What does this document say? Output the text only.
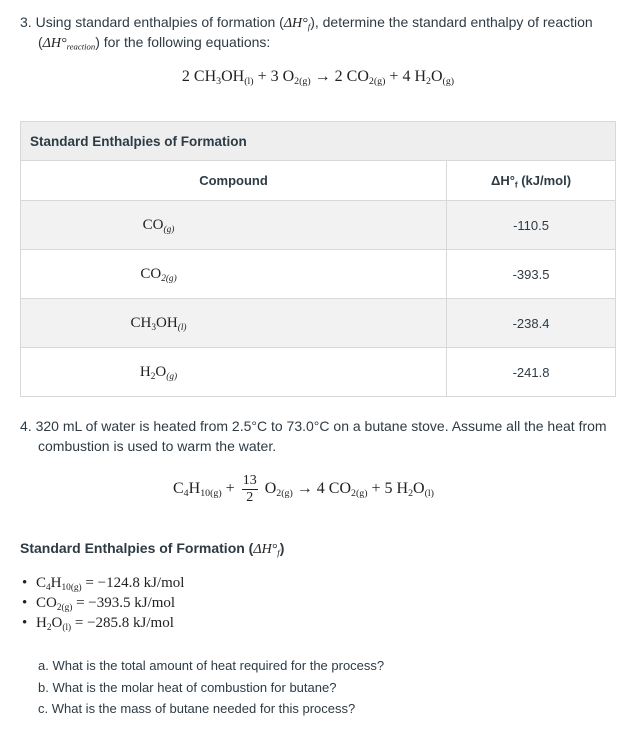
3. Using standard enthalpies of formation $(\Delta H^\circ_f)$, determine the standard enthalpy of reaction
$(\Delta H^\circ_{reaction})$ for the following equations:
2 $CH_3OH_{(l)} + 3$ $O_{2(g)} \to 2$ $CO_{2(g)} + 4$ $H_2O_{(g)}$
Standard Enthalpies of Formation	
Compound	$\Delta H^\circ_f$ (kJ/mol)
$CO_{(g)}$	-110.5
$CO_{2(g)}$	-393.5
$CH_3OH_{(l)}$	-238.4
$H_2O_{(g)}$	-241.8
4. 320 mL of water is heated from 2.5°C to 73.0°C on a butane stove. Assume all the heat from
combustion is used to warm the water.
$C_4H_{10(g)} + \frac{13}{2} O_{2(g)} \to 4$ $CO_{2(g)} + 5$ $H_2O_{(l)}$
Standard Enthalpies of Formation $(\Delta H^\circ_f)$
• $C_4H_{10(g)} = -124.8$ kJ/mol
• $CO_{2(g)} = -393.5$ kJ/mol
• $H_2O_{(l)} = -285.8$ kJ/mol
a. What is the total amount of heat required for the process?
b. What is the molar heat of combustion for butane?
c. What is the mass of butane needed for this process?
